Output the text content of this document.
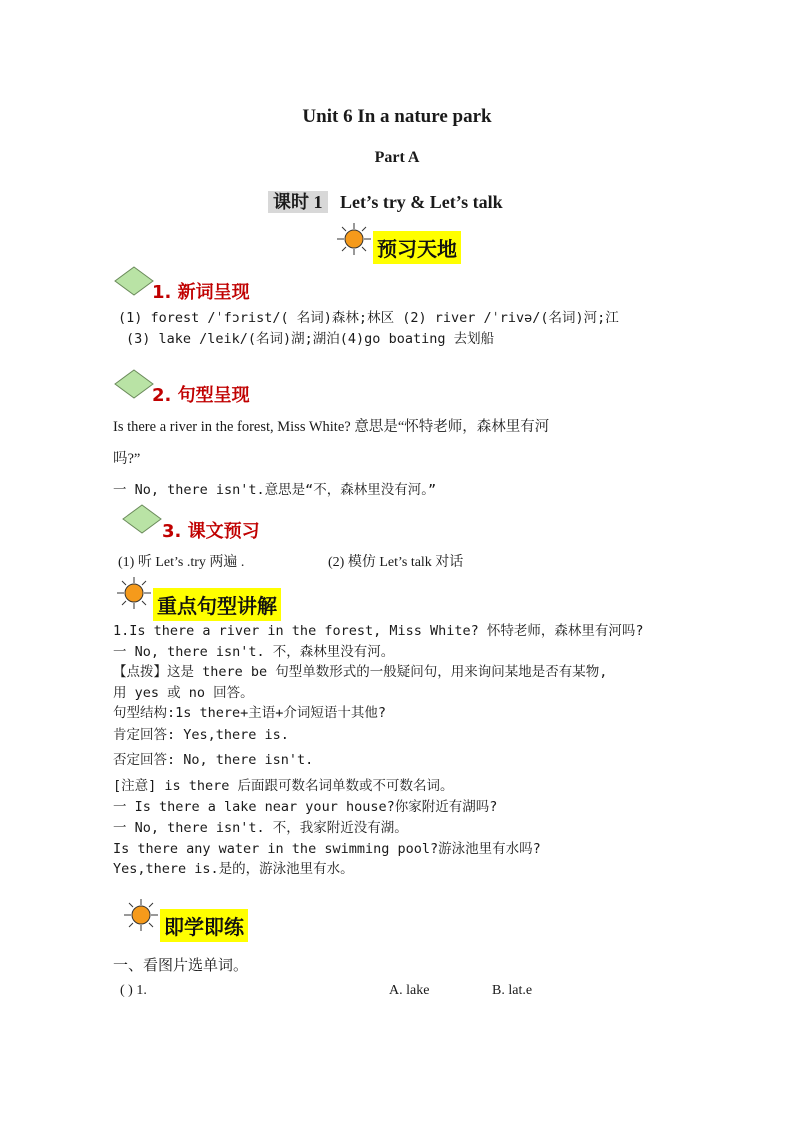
Unit 6 In a nature park
Part A
课时 1 Let’s try & Let’s talk
预习天地
1. 新词呈现
(1) forest /ˈfɔrist/( 名词)森林;林区 (2) river /ˈrivə/(名词)河;江
(3) lake /leik/(名词)湖;湖泊(4)go boating 去划船
2. 句型呈现
Is there a river in the forest, Miss White? 意思是“怀特老师，森林里有河
吗?”
一 No, there isn't.意思是“不，森林里没有河。”
3. 课文预习
(1) 听 Let’s .try 两遍 .	(2) 模仿 Let’s talk 对话
重点句型讲解
1.Is there a river in the forest, Miss White? 怀特老师，森林里有河吗?
一 No, there isn't. 不，森林里没有河。
【点拨】这是 there be 句型单数形式的一般疑问句，用来询问某地是否有某物,
用 yes 或 no 回答。
句型结构:1s there+主语+介词短语十其他?
肯定回答: Yes,there is.
否定回答: No, there isn't.
[注意] is there 后面跟可数名词单数或不可数名词。
一 Is there a lake near your house?你家附近有湖吗?
一 No, there isn't. 不，我家附近没有湖。
Is there any water in the swimming pool?游泳池里有水吗?
Yes,there is.是的，游泳池里有水。
即学即练
一、看图片选单词。
( ) 1.	A. lake	B. lat.e
